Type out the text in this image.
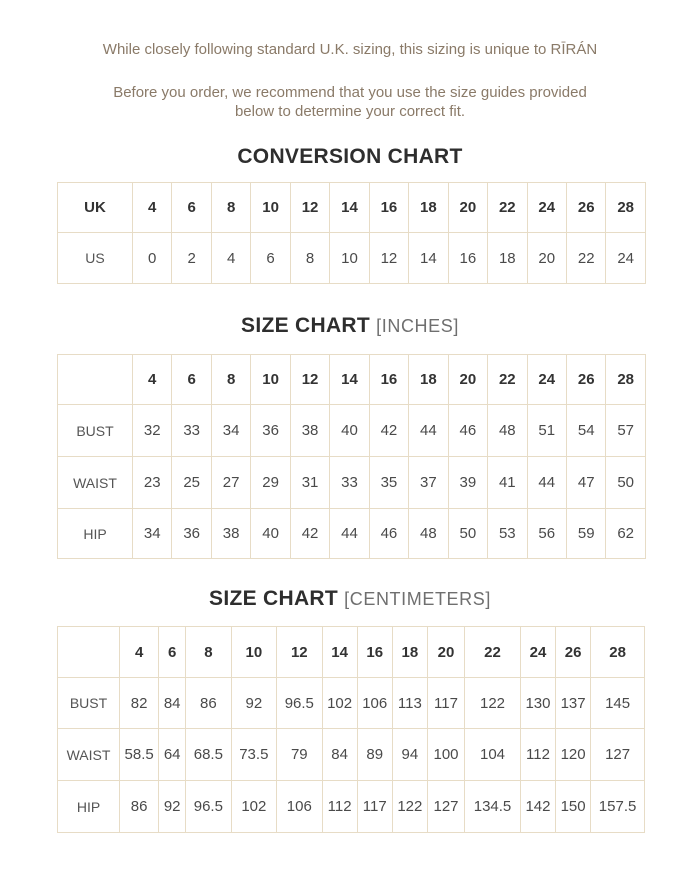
While closely following standard U.K. sizing, this sizing is unique to RĪRÁN
Before you order, we recommend that you use the size guides provided
below to determine your correct fit.
CONVERSION CHART
UK	4	6	8	10	12	14	16	18	20	22	24	26	28
US	0	2	4	6	8	10	12	14	16	18	20	22	24
SIZE CHART [INCHES]
	4	6	8	10	12	14	16	18	20	22	24	26	28
BUST	32	33	34	36	38	40	42	44	46	48	51	54	57
WAIST	23	25	27	29	31	33	35	37	39	41	44	47	50
HIP	34	36	38	40	42	44	46	48	50	53	56	59	62
SIZE CHART [CENTIMETERS]
	4	6	8	10	12	14	16	18	20	22	24	26	28
BUST	82	84	86	92	96.5	102	106	113	117	122	130	137	145
WAIST	58.5	64	68.5	73.5	79	84	89	94	100	104	112	120	127
HIP	86	92	96.5	102	106	112	117	122	127	134.5	142	150	157.5
